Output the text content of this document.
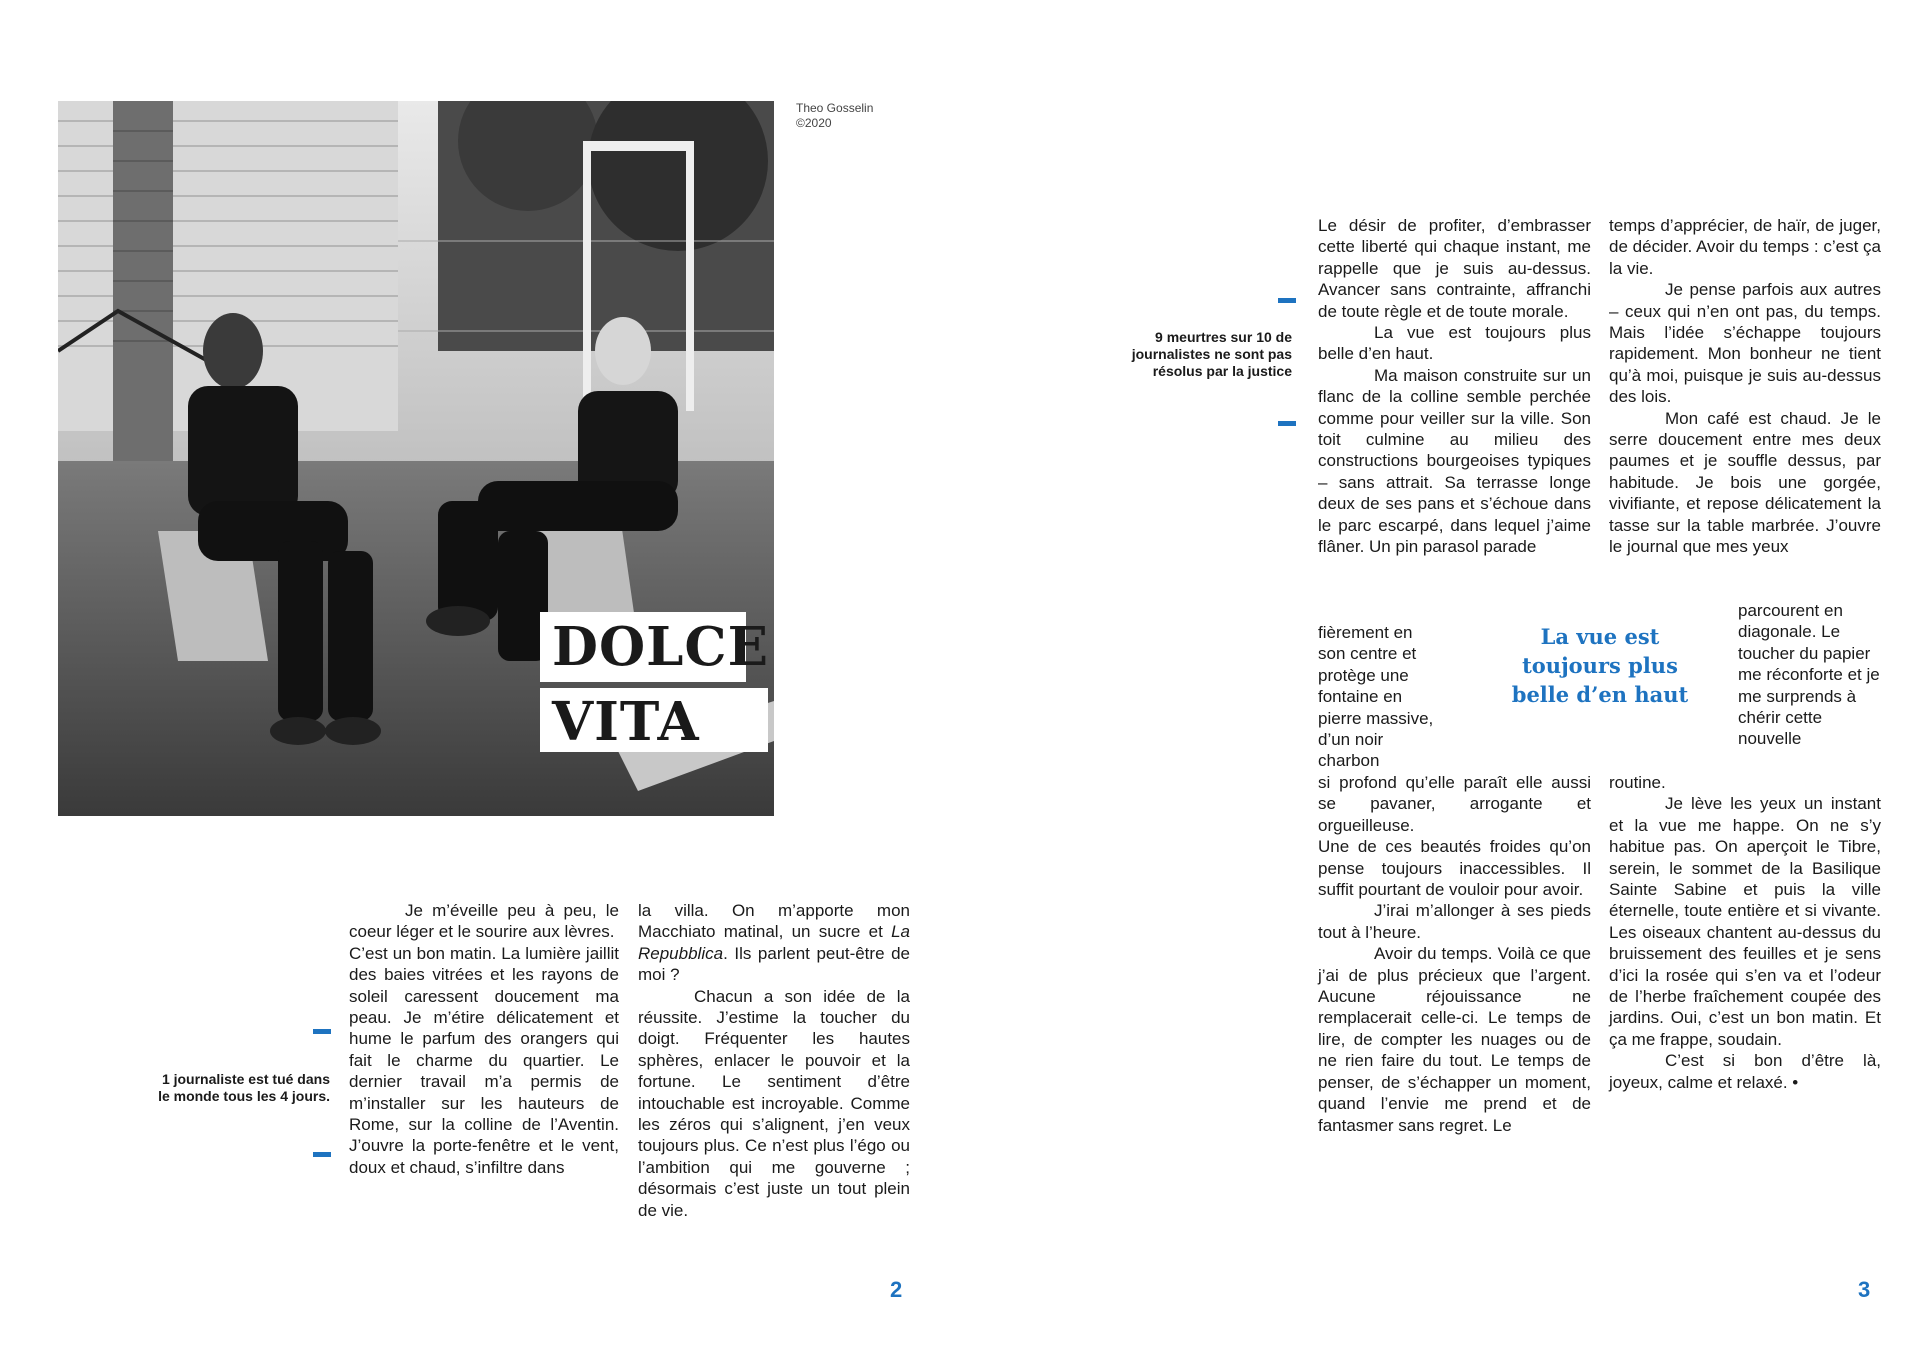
DOLCE
VITA
Theo Gosselin
©2020
1 journaliste est tué dans le monde tous les 4 jours.

Je m’éveille peu à peu, le coeur léger et le sourire aux lèvres.

C’est un bon matin. La lumière jaillit des baies vitrées et les rayons de soleil caressent doucement ma peau. Je m’étire délicatement et hume le parfum des orangers qui fait le charme du quartier. Le dernier travail m’a permis de m’installer sur les hauteurs de Rome, sur la colline de l’Aventin. J’ouvre la porte-fenêtre et le vent, doux et chaud, s’infiltre dans

la villa. On m’apporte mon Macchiato matinal, un sucre et La Repubblica. Ils parlent peut-être de moi ?

Chacun a son idée de la réussite. J’estime la toucher du doigt. Fréquenter les hautes sphères, enlacer le pouvoir et la fortune. Le sentiment d’être intouchable est incroyable. Comme les zéros qui s’alignent, j’en veux toujours plus. Ce n’est plus l’égo ou l’ambition qui me gouverne ; désormais c’est juste un tout plein de vie.

2
9 meurtres sur 10 de journalistes ne sont pas résolus par la justice

Le désir de profiter, d’embrasser cette liberté qui chaque instant, me rappelle que je suis au-dessus. Avancer sans contrainte, affranchi de toute règle et de toute morale.

La vue est toujours plus belle d’en haut.

Ma maison construite sur un flanc de la colline semble perchée comme pour veiller sur la ville. Son toit culmine au milieu des constructions bourgeoises typiques – sans attrait. Sa terrasse longe deux de ses pans et s’échoue dans le parc escarpé, dans lequel j’aime flâner. Un pin parasol parade

fièrement en son centre et protège une fontaine en pierre massive, d’un noir charbon

si profond qu’elle paraît elle aussi se pavaner, arrogante et orgueilleuse.

Une de ces beautés froides qu’on pense toujours inaccessibles. Il suffit pourtant de vouloir pour avoir.

J’irai m’allonger à ses pieds tout à l’heure.

Avoir du temps. Voilà ce que j’ai de plus précieux que l’argent. Aucune réjouissance ne remplacerait celle-ci. Le temps de lire, de compter les nuages ou de ne rien faire du tout. Le temps de penser, de s’échapper un moment, quand l’envie me prend et de fantasmer sans regret. Le

La vue est toujours plus belle d’en haut

temps d’apprécier, de haïr, de juger, de décider. Avoir du temps : c’est ça la vie.

Je pense parfois aux autres – ceux qui n’en ont pas, du temps. Mais l’idée s’échappe toujours rapidement. Mon bonheur ne tient qu’à moi, puisque je suis au-dessus des lois.

Mon café est chaud. Je le serre doucement entre mes deux paumes et je souffle dessus, par habitude. Je bois une gorgée, vivifiante, et repose délicatement la tasse sur la table marbrée. J’ouvre le journal que mes yeux

parcourent en diagonale. Le toucher du papier me réconforte et je me surprends à chérir cette nouvelle

routine.

Je lève les yeux un instant et la vue me happe. On ne s’y habitue pas. On aperçoit le Tibre, serein, le sommet de la Basilique Sainte Sabine et puis la ville éternelle, toute entière et si vivante. Les oiseaux chantent au-dessus du bruissement des feuilles et je sens d’ici la rosée qui s’en va et l’odeur de l’herbe fraîchement coupée des jardins. Oui, c’est un bon matin. Et ça me frappe, soudain.

C’est si bon d’être là, joyeux, calme et relaxé. •

3
